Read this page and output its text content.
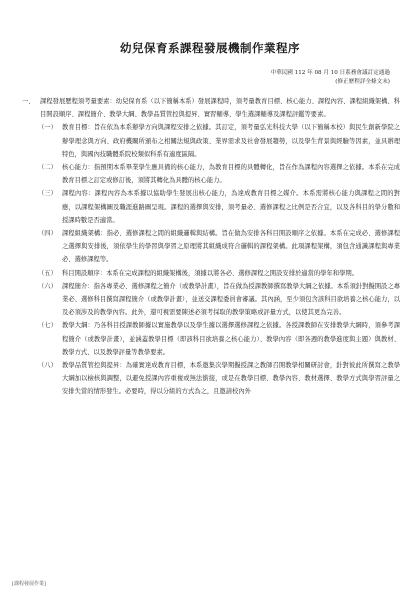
幼兒保育系課程發展機制作業程序
中華民國 112 年 08 月 10 日系務會議訂定通過
(修正歷程詳全條文末)
一、 課程發展歷程須考量要素：幼兒保育系（以下簡稱本系）發展課程時，須考量教育目標、核心能力、課程內容、課程組織架構、科目開設順序、課程簡介、教學大綱、教學品質管控與提昇、實習輔導、學生選課輔導及課程評鑑等要素。
（一） 教育目標：旨在依為本系辦學方向與課程安排之依據。其訂定，須考量弘光科技大學（以下簡稱本校）與民生創新學院之辦學理念與方向、政府機關所頒布之相關法規與政策、業界需求及社會發展趨勢，以及學生背景與經驗等因素，並具辦理特色，與國內技職體系院校類似科系有適度區隔。
（二） 核心能力：指預期本系畢業學生應具備的核心能力，為教育目標的具體轉化，旨在作為課程內容選擇之依據。本系在完成教育目標之訂定或修訂後，須將其轉化為具體的核心能力。
（三） 課程內容：課程內容為本系據以協助學生發展出核心能力，為達成教育目標之媒介。本系需將核心能力與課程之間的對應，以課程架構圖及職涯進路圖呈現。課程的選擇與安排，須考量必、選修課程之比例是否合宜，以及各科目的學分數和授課時數是否適當。
（四） 課程組織架構：指必、選修課程之間的組織邏輯與結構。旨在做為安排各科目開設順序之依據。本系在完成必、選修課程之選擇與安排後，須依學生的學習與學習之原理將其組織成符合邏輯的課程架構。此項課程架構，須包含通識課程與專業必、選修課程等。
（五） 科目開設順序：本系在完成課程的組織架構後，須據以將各必、選修課程之開設安排於適當的學年和學期。
（六） 課程簡介：指各專業必、選修課程之簡介（或教學計畫），旨在做為授課教師撰寫教學大綱之依據。本系須針對擬開設之專業必、選修科目撰寫課程簡介（或教學計畫），並送交課程委員會審議。其內涵，至少須包含該科目欲培養之核心能力，以及必須涉及的教學內容。此外，還可視需要陳述必須考採取的教學策略或評量方式，以使其更為完善。
（七） 教學大綱：乃各科目授課教師據以實施教學以及學生據以選擇選修課程之依據。各授課教師在安排教學大綱時，須參考課程簡介（或教學計畫），並涵蓋教學目標（即該科目欲培養之核心能力）、教學內容（即各週的教學進度與主題）與教材、教學方式、以及教學評量等教學要素。
（八） 教學品質管控與提昇：為確實達成教育目標，本系邀集次學期擬授課之教師召開教學相關研討會，針對彼此所撰寫之教學大綱加以檢核與調整，以避免授課內容重複或無法銜接，或是在教學目標、教學內容、教材選擇、教學方式與學習評量之安排失當的情形發生。必要時，得以分組的方式為之，且邀請校內外
[課程發展作業]
